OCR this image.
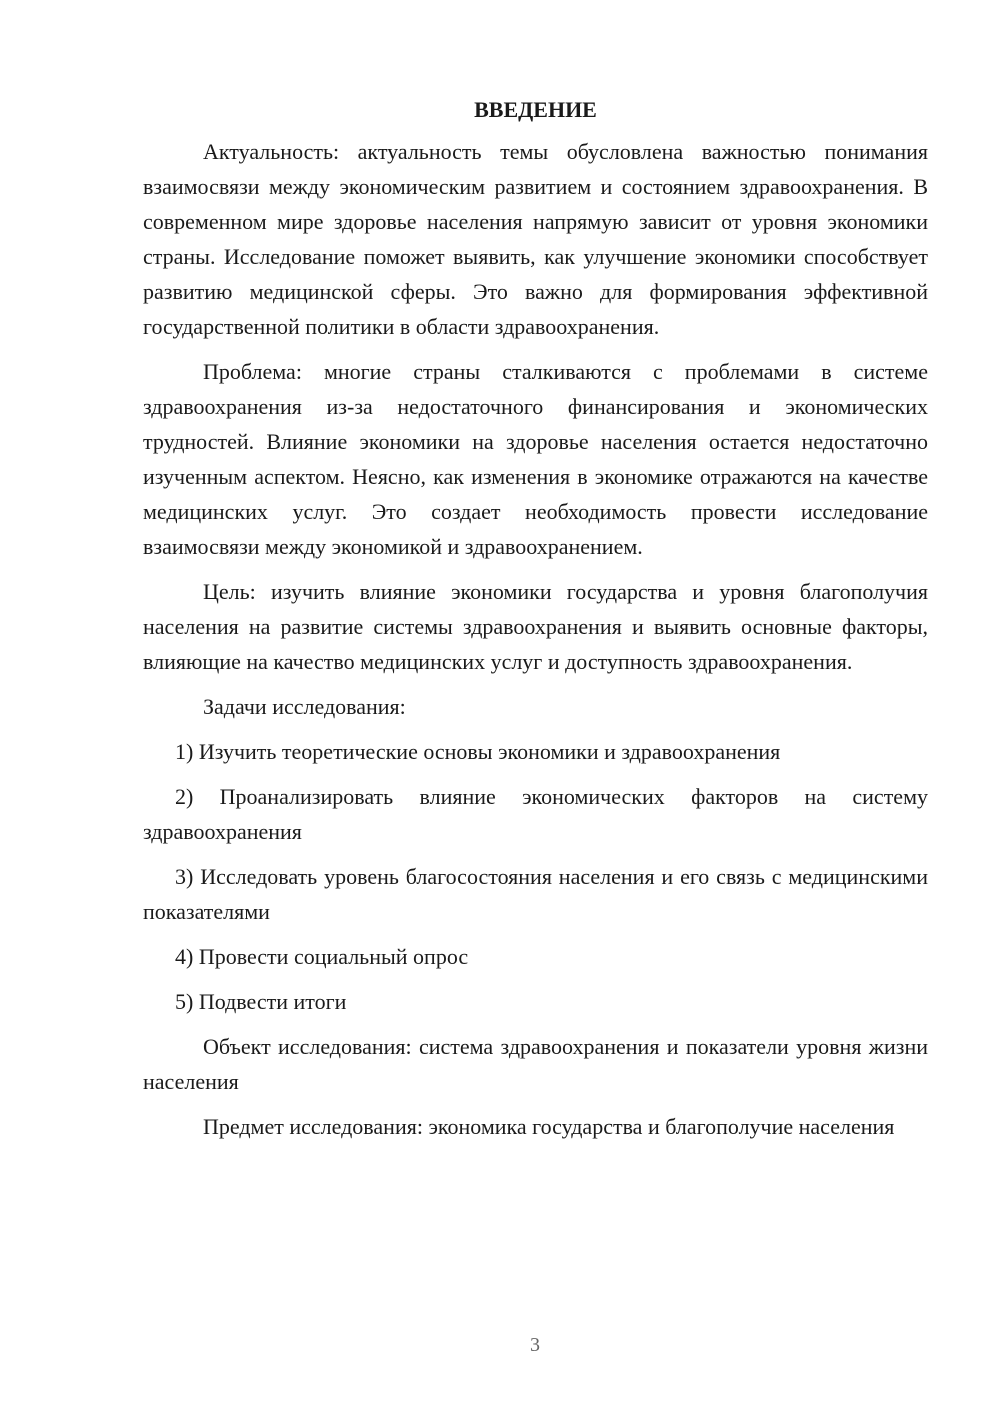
ВВЕДЕНИЕ

Актуальность: актуальность темы обусловлена важностью понимания взаимосвязи между экономическим развитием и состоянием здравоохранения. В современном мире здоровье населения напрямую зависит от уровня экономики страны. Исследование поможет выявить, как улучшение экономики способствует развитию медицинской сферы. Это важно для формирования эффективной государственной политики в области здравоохранения.

Проблема: многие страны сталкиваются с проблемами в системе здравоохранения из-за недостаточного финансирования и экономических трудностей. Влияние экономики на здоровье населения остается недостаточно изученным аспектом. Неясно, как изменения в экономике отражаются на качестве медицинских услуг. Это создает необходимость провести исследование взаимосвязи между экономикой и здравоохранением.

Цель: изучить влияние экономики государства и уровня благополучия населения на развитие системы здравоохранения и выявить основные факторы, влияющие на качество медицинских услуг и доступность здравоохранения.

Задачи исследования:

1) Изучить теоретические основы экономики и здравоохранения

2) Проанализировать влияние экономических факторов на систему здравоохранения

3) Исследовать уровень благосостояния населения и его связь с медицинскими показателями

4) Провести социальный опрос

5) Подвести итоги

Объект исследования: система здравоохранения и показатели уровня жизни населения

Предмет исследования: экономика государства и благополучие населения

3
